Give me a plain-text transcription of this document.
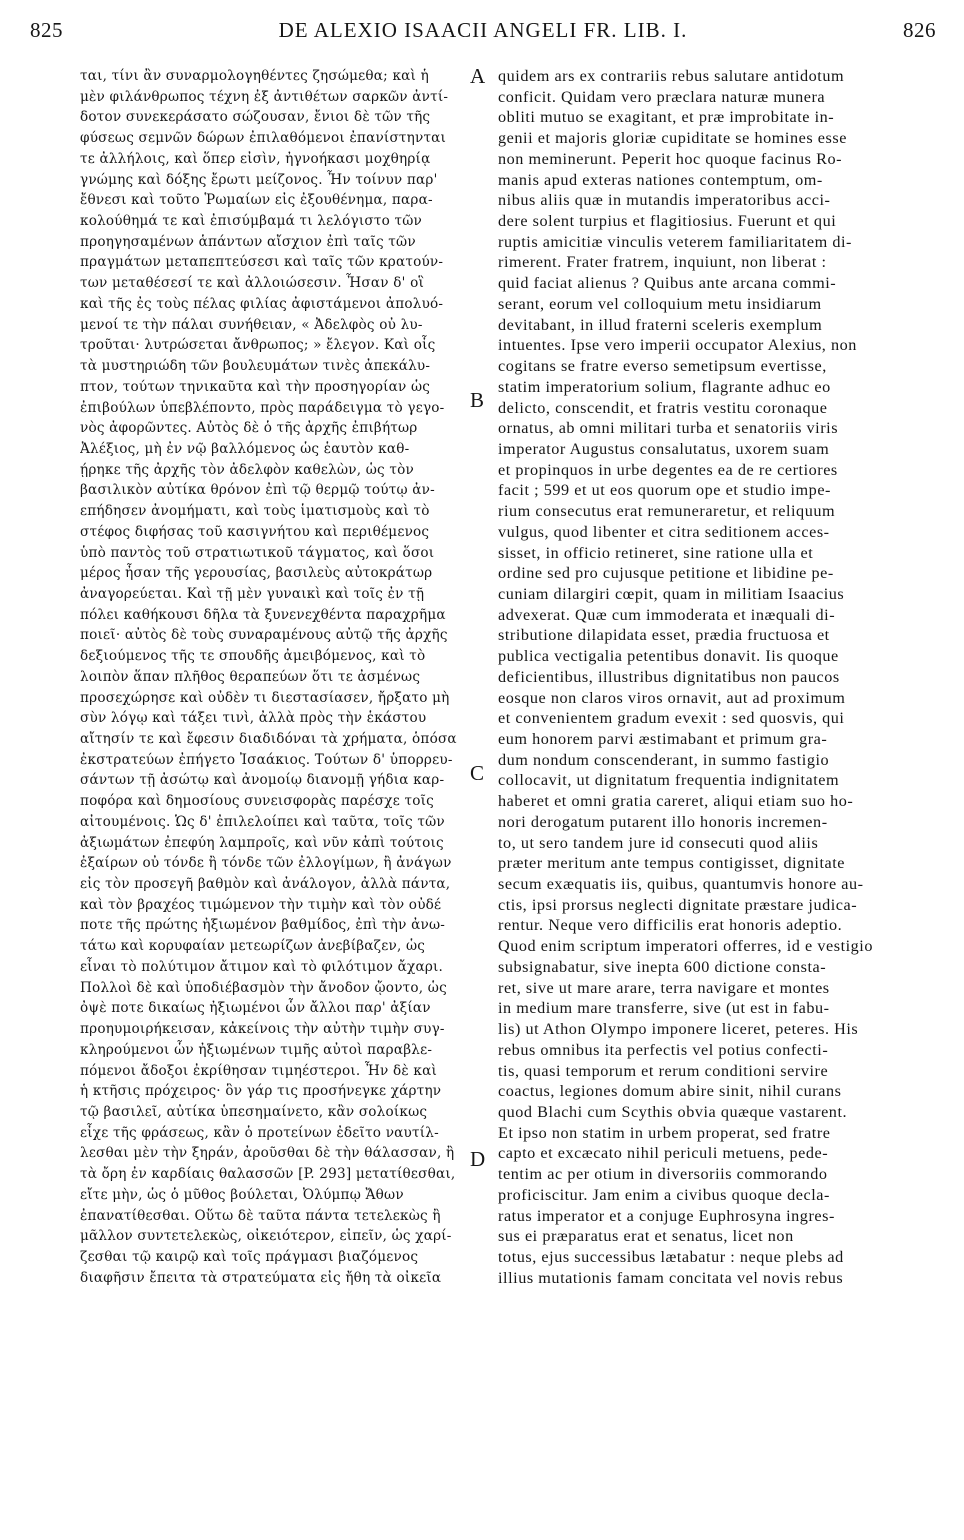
825	DE ALEXIO ISAACII ANGELI FR. LIB. I.	826
ται, τίνι ἂν συναρμολογηθέντες ζησώμεθα; καὶ ἡ
μὲν φιλάνθρωπος τέχνη ἐξ ἀντιθέτων σαρκῶν ἀντί-
δοτον συνεκεράσατο σώζουσαν, ἔνιοι δὲ τῶν τῆς
φύσεως σεμνῶν δώρων ἐπιλαθόμενοι ἐπανίστηνται
τε ἀλλήλοις, καὶ ὅπερ εἰσὶν, ἠγνοήκασι μοχθηρίᾳ
γνώμης καὶ δόξης ἔρωτι μείζονος. Ἦν τοίνυν παρ'
ἔθνεσι καὶ τοῦτο Ῥωμαίων εἰς ἐξουθένημα, παρα-
κολούθημά τε καὶ ἐπισύμβαμά τι λελόγιστο τῶν
προηγησαμένων ἁπάντων αἴσχιον ἐπὶ ταῖς τῶν
πραγμάτων μεταπεπτεύσεσι καὶ ταῖς τῶν κρατούν-
των μεταθέσεσί τε καὶ ἀλλοιώσεσιν. Ἦσαν δ' οἳ
καὶ τῆς ἐς τοὺς πέλας φιλίας ἀφιστάμενοι ἀπολυό-
μενοί τε τὴν πάλαι συνήθειαν, « Ἀδελφὸς οὐ λυ-
τροῦται· λυτρώσεται ἄνθρωπος; » ἔλεγον. Καὶ οἷς
τὰ μυστηριώδη τῶν βουλευμάτων τινὲς ἀπεκάλυ-
πτον, τούτων τηνικαῦτα καὶ τὴν προσηγορίαν ὡς
ἐπιβούλων ὑπεβλέποντο, πρὸς παράδειγμα τὸ γεγο-
νὸς ἀφορῶντες. Αὐτὸς δὲ ὁ τῆς ἀρχῆς ἐπιβήτωρ
Ἀλέξιος, μὴ ἐν νῷ βαλλόμενος ὡς ἑαυτὸν καθ-
ῄρηκε τῆς ἀρχῆς τὸν ἀδελφὸν καθελὼν, ὡς τὸν
βασιλικὸν αὐτίκα θρόνον ἐπὶ τῷ θερμῷ τούτῳ ἀν-
επήδησεν ἀνομήματι, καὶ τοὺς ἱματισμοὺς καὶ τὸ
στέφος διφήσας τοῦ κασιγνήτου καὶ περιθέμενος
ὑπὸ παντὸς τοῦ στρατιωτικοῦ τάγματος, καὶ ὅσοι
μέρος ἦσαν τῆς γερουσίας, βασιλεὺς αὐτοκράτωρ
ἀναγορεύεται. Καὶ τῇ μὲν γυναικὶ καὶ τοῖς ἐν τῇ
πόλει καθήκουσι δῆλα τὰ ξυνενεχθέντα παραχρῆμα
ποιεῖ· αὐτὸς δὲ τοὺς συναραμένους αὐτῷ τῆς ἀρχῆς
δεξιούμενος τῆς τε σπουδῆς ἀμειβόμενος, καὶ τὸ
λοιπὸν ἅπαν πλῆθος θεραπεύων ὅτι τε ἀσμένως
προσεχώρησε καὶ οὐδὲν τι διεστασίασεν, ἤρξατο μὴ
σὺν λόγῳ καὶ τάξει τινὶ, ἀλλὰ πρὸς τὴν ἑκάστου
αἴτησίν τε καὶ ἔφεσιν διαδιδόναι τὰ χρήματα, ὁπόσα
ἐκστρατεύων ἐπήγετο Ἰσαάκιος. Τούτων δ' ὑπορρευ-
σάντων τῇ ἀσώτῳ καὶ ἀνομοίῳ διανομῇ γήδια καρ-
ποφόρα καὶ δημοσίους συνεισφορὰς παρέσχε τοῖς
αἰτουμένοις. Ὡς δ' ἐπιλελοίπει καὶ ταῦτα, τοῖς τῶν
ἀξιωμάτων ἐπεφύη λαμπροῖς, καὶ νῦν κἀπὶ τούτοις
ἐξαίρων οὐ τόνδε ἢ τόνδε τῶν ἐλλογίμων, ἢ ἀνάγων
εἰς τὸν προσεγῆ βαθμὸν καὶ ἀνάλογον, ἀλλὰ πάντα,
καὶ τὸν βραχέος τιμώμενον τὴν τιμὴν καὶ τὸν οὐδέ
ποτε τῆς πρώτης ἠξιωμένον βαθμίδος, ἐπὶ τὴν ἀνω-
τάτω καὶ κορυφαίαν μετεωρίζων ἀνεβίβαζεν, ὡς
εἶναι τὸ πολύτιμον ἄτιμον καὶ τὸ φιλότιμον ἄχαρι.
Πολλοὶ δὲ καὶ ὑποδιέβασμὸν τὴν ἄνοδον ᾤοντο, ὡς
ὀψὲ ποτε δικαίως ἠξιωμένοι ὧν ἄλλοι παρ' ἀξίαν
προηυμοιρήκεισαν, κἀκείνοις τὴν αὐτὴν τιμὴν συγ-
κληρούμενοι ὧν ἠξιωμένων τιμῆς αὐτοὶ παραβλε-
πόμενοι ἄδοξοι ἐκρίθησαν τιμηέστεροι. Ἦν δὲ καὶ
ἡ κτῆσις πρόχειρος· ὃν γάρ τις προσήνεγκε χάρτην
τῷ βασιλεῖ, αὐτίκα ὑπεσημαίνετο, κἂν σολοίκως
εἶχε τῆς φράσεως, κἂν ὁ προτείνων ἐδεῖτο ναυτίλ-
λεσθαι μὲν τὴν ξηράν, ἀροῦσθαι δὲ τὴν θάλασσαν, ἢ
τὰ ὄρη ἐν καρδίαις θαλασσῶν [P. 293] μετατίθεσθαι,
εἴτε μὴν, ὡς ὁ μῦθος βούλεται, Ὀλύμπῳ Ἄθων
ἐπανατίθεσθαι. Οὕτω δὲ ταῦτα πάντα τετελεκὼς ἢ
μᾶλλον συντετελεκὼς, οἰκειότερον, εἰπεῖν, ὡς χαρί-
ζεσθαι τῷ καιρῷ καὶ τοῖς πράγμασι βιαζόμενος
διαφῆσιν ἔπειτα τὰ στρατεύματα εἰς ἤθη τὰ οἰκεῖα
quidem ars ex contrariis rebus salutare antidotum
conficit. Quidam vero præclara naturæ munera
obliti mutuo se exagitant, et præ improbitate in-
genii et majoris gloriæ cupiditate se homines esse
non meminerunt. Peperit hoc quoque facinus Ro-
manis apud exteras nationes contemptum, om-
nibus aliis quæ in mutandis imperatoribus acci-
dere solent turpius et flagitiosius. Fuerunt et qui
ruptis amicitiæ vinculis veterem familiaritatem di-
rimerent. Frater fratrem, inquiunt, non liberat :
quid faciat alienus ? Quibus ante arcana commi-
serant, eorum vel colloquium metu insidiarum
devitabant, in illud fraterni sceleris exemplum
intuentes. Ipse vero imperii occupator Alexius, non
cogitans se fratre everso semetipsum evertisse,
statim imperatorium solium, flagrante adhuc eo
delicto, conscendit, et fratris vestitu coronaque
ornatus, ab omni militari turba et senatoriis viris
imperator Augustus consalutatus, uxorem suam
et propinquos in urbe degentes ea de re certiores
facit ; 599 et ut eos quorum ope et studio impe-
rium consecutus erat remuneraretur, et reliquum
vulgus, quod libenter et citra seditionem acces-
sisset, in officio retineret, sine ratione ulla et
ordine sed pro cujusque petitione et libidine pe-
cuniam dilargiri cœpit, quam in militiam Isaacius
advexerat. Quæ cum immoderata et inæquali di-
stributione dilapidata esset, prædia fructuosa et
publica vectigalia petentibus donavit. Iis quoque
deficientibus, illustribus dignitatibus non paucos
eosque non claros viros ornavit, aut ad proximum
et convenientem gradum evexit : sed quosvis, qui
eum honorem parvi æstimabant et primum gra-
dum nondum conscenderant, in summo fastigio
collocavit, ut dignitatum frequentia indignitatem
haberet et omni gratia careret, aliqui etiam suo ho-
nori derogatum putarent illo honoris incremen-
to, ut sero tandem jure id consecuti quod aliis
præter meritum ante tempus contigisset, dignitate
secum exæquatis iis, quibus, quantumvis honore au-
ctis, ipsi prorsus neglecti dignitate præstare judica-
rentur. Neque vero difficilis erat honoris adeptio.
Quod enim scriptum imperatori offerres, id e vestigio
subsignabatur, sive inepta 600 dictione consta-
ret, sive ut mare arare, terra navigare et montes
in medium mare transferre, sive (ut est in fabu-
lis) ut Athon Olympo imponere liceret, peteres. His
rebus omnibus ita perfectis vel potius confecti-
tis, quasi temporum et rerum conditioni servire
coactus, legiones domum abire sinit, nihil curans
quod Blachi cum Scythis obvia quæque vastarent.
Et ipso non statim in urbem properat, sed fratre
capto et excæcato nihil periculi metuens, pede-
tentim ac per otium in diversoriis commorando
proficiscitur. Jam enim a civibus quoque decla-
ratus imperator et a conjuge Euphrosyna ingres-
sus ei præparatus erat et senatus, licet non
totus, ejus successibus lætabatur : neque plebs ad
illius mutationis famam concitata vel novis rebus
A
B
C
D
